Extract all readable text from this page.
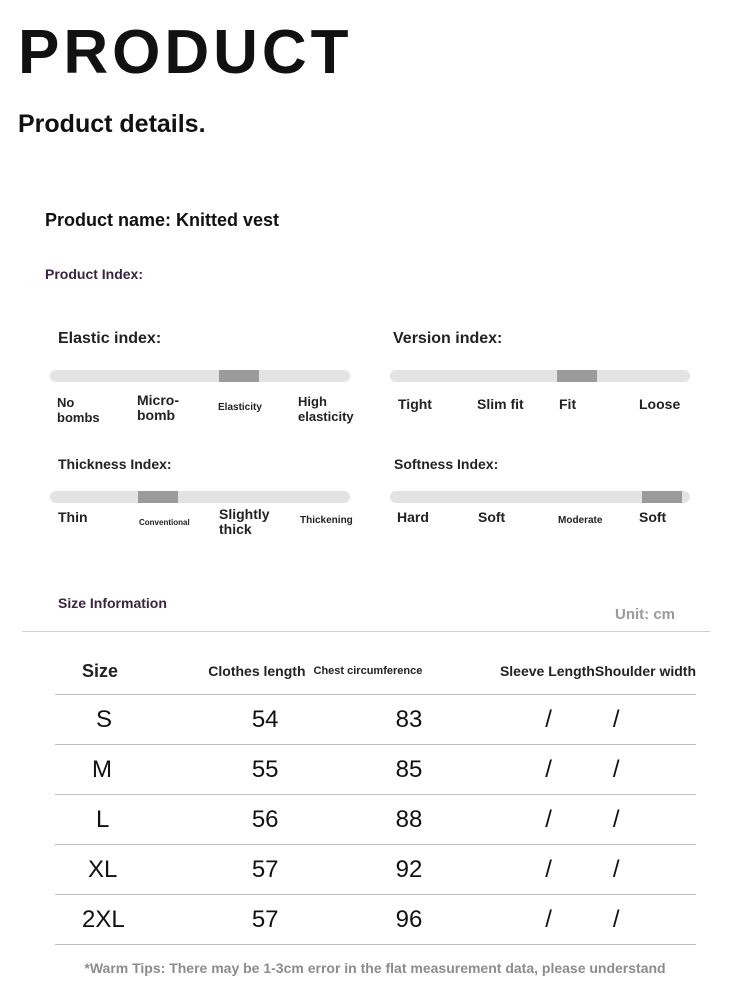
PRODUCT
Product details.
Product name: Knitted vest
Product Index:
Elastic index:
No
bombs
Micro-
bomb	Elasticity	High
elasticity
Version index:
Tight	Slim fit	Fit	Loose
Thickness Index:
Thin	Conventional
Slightly
thick
Thickening
Softness Index:
Hard	Soft	Moderate	Soft
Size Information
Unit: cm
Size	Clothes length	Chest circumference	Sleeve Length	Shoulder width
S	54	83	/	/
M	55	85	/	/
L	56	88	/	/
XL	57	92	/	/
2XL	57	96	/	/
*Warm Tips: There may be 1-3cm error in the flat measurement data, please understand
